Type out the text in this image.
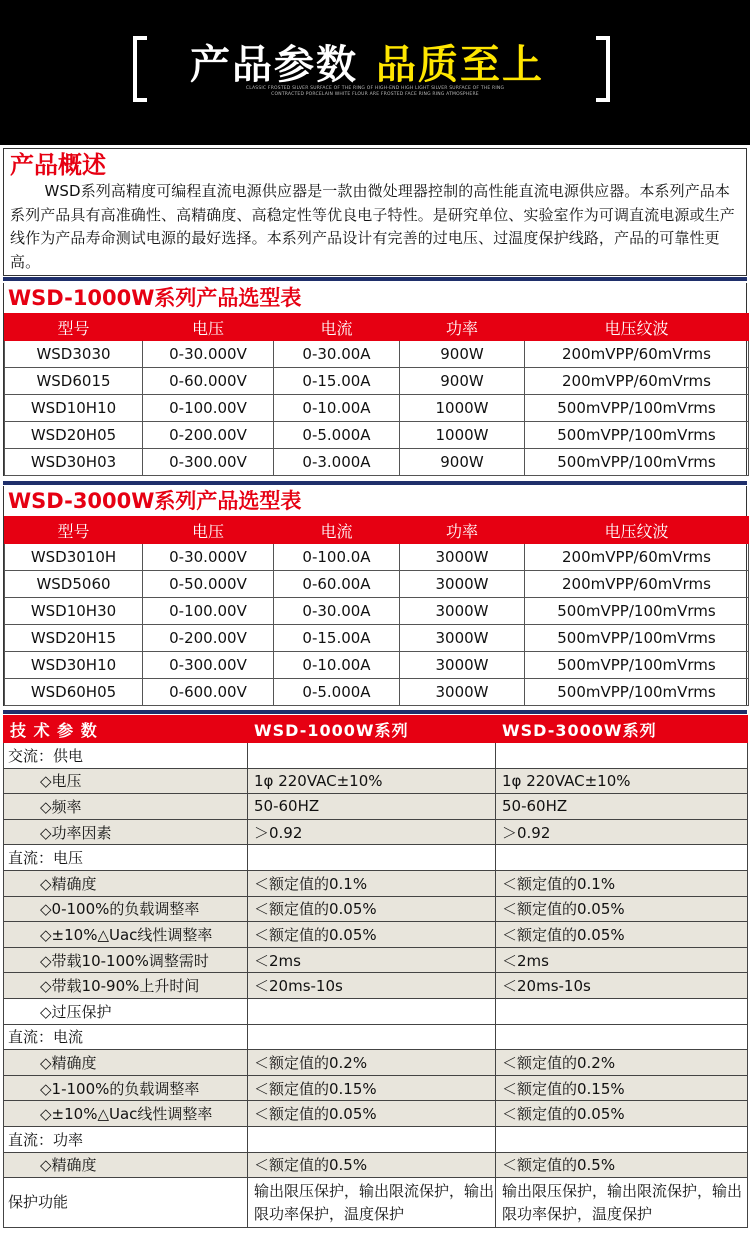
产品参数 品质至上
CLASSIC FROSTED SILVER SURFACE OF THE RING OF HIGH-END HIGH LIGHT SILVER SURFACE OF THE RING CONTRACTED PORCELAIN WHITE FLOUR ARE FROSTED FACE RING RING ATMOSPHERE
产品概述
WSD系列高精度可编程直流电源供应器是一款由微处理器控制的高性能直流电源供应器。本系列产品本系列产品具有高准确性、高精确度、高稳定性等优良电子特性。是研究单位、实验室作为可调直流电源或生产线作为产品寿命测试电源的最好选择。本系列产品设计有完善的过电压、过温度保护线路，产品的可靠性更高。
WSD-1000W系列产品选型表
型号	电压	电流	功率	电压纹波
WSD3030	0-30.000V	0-30.00A	900W	200mVPP/60mVrms
WSD6015	0-60.000V	0-15.00A	900W	200mVPP/60mVrms
WSD10H10	0-100.00V	0-10.00A	1000W	500mVPP/100mVrms
WSD20H05	0-200.00V	0-5.000A	1000W	500mVPP/100mVrms
WSD30H03	0-300.00V	0-3.000A	900W	500mVPP/100mVrms
WSD-3000W系列产品选型表
型号	电压	电流	功率	电压纹波
WSD3010H	0-30.000V	0-100.0A	3000W	200mVPP/60mVrms
WSD5060	0-50.000V	0-60.00A	3000W	200mVPP/60mVrms
WSD10H30	0-100.00V	0-30.00A	3000W	500mVPP/100mVrms
WSD20H15	0-200.00V	0-15.00A	3000W	500mVPP/100mVrms
WSD30H10	0-300.00V	0-10.00A	3000W	500mVPP/100mVrms
WSD60H05	0-600.00V	0-5.000A	3000W	500mVPP/100mVrms
技 术 参 数	WSD-1000W系列	WSD-3000W系列
交流：供电		
◇电压	1φ 220VAC±10%	1φ 220VAC±10%
◇频率	50-60HZ	50-60HZ
◇功率因素	＞0.92	＞0.92
直流：电压		
◇精确度	＜额定值的0.1%	＜额定值的0.1%
◇0-100%的负载调整率	＜额定值的0.05%	＜额定值的0.05%
◇±10%△Uac线性调整率	＜额定值的0.05%	＜额定值的0.05%
◇带载10-100%调整需时	＜2ms	＜2ms
◇带载10-90%上升时间	＜20ms-10s	＜20ms-10s
◇过压保护		
直流：电流		
◇精确度	＜额定值的0.2%	＜额定值的0.2%
◇1-100%的负载调整率	＜额定值的0.15%	＜额定值的0.15%
◇±10%△Uac线性调整率	＜额定值的0.05%	＜额定值的0.05%
直流：功率		
◇精确度	＜额定值的0.5%	＜额定值的0.5%
保护功能	输出限压保护，输出限流保护，输出限功率保护，温度保护	输出限压保护，输出限流保护，输出限功率保护，温度保护
